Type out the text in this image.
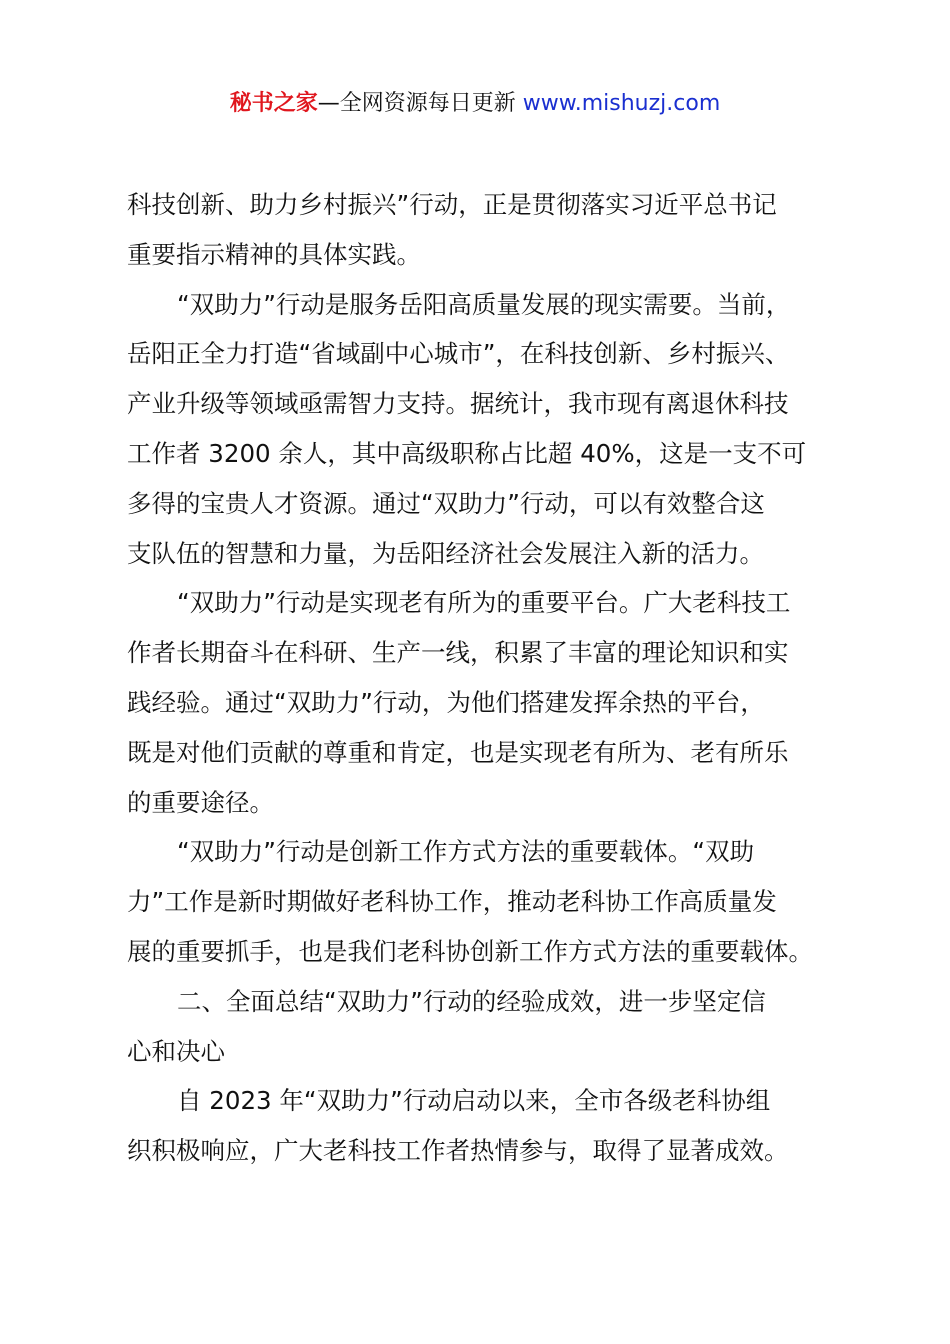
秘书之家—全网资源每日更新 www.mishuzj.com
科技创新、助力乡村振兴”行动，正是贯彻落实习近平总书记
重要指示精神的具体实践。
“双助力”行动是服务岳阳高质量发展的现实需要。当前，
岳阳正全力打造“省域副中心城市”，在科技创新、乡村振兴、
产业升级等领域亟需智力支持。据统计，我市现有离退休科技
工作者 3200 余人，其中高级职称占比超 40%，这是一支不可
多得的宝贵人才资源。通过“双助力”行动，可以有效整合这
支队伍的智慧和力量，为岳阳经济社会发展注入新的活力。
“双助力”行动是实现老有所为的重要平台。广大老科技工
作者长期奋斗在科研、生产一线，积累了丰富的理论知识和实
践经验。通过“双助力”行动，为他们搭建发挥余热的平台，
既是对他们贡献的尊重和肯定，也是实现老有所为、老有所乐
的重要途径。
“双助力”行动是创新工作方式方法的重要载体。“双助
力”工作是新时期做好老科协工作，推动老科协工作高质量发
展的重要抓手，也是我们老科协创新工作方式方法的重要载体。
二、全面总结“双助力”行动的经验成效，进一步坚定信
心和决心
自 2023 年“双助力”行动启动以来，全市各级老科协组
织积极响应，广大老科技工作者热情参与，取得了显著成效。
